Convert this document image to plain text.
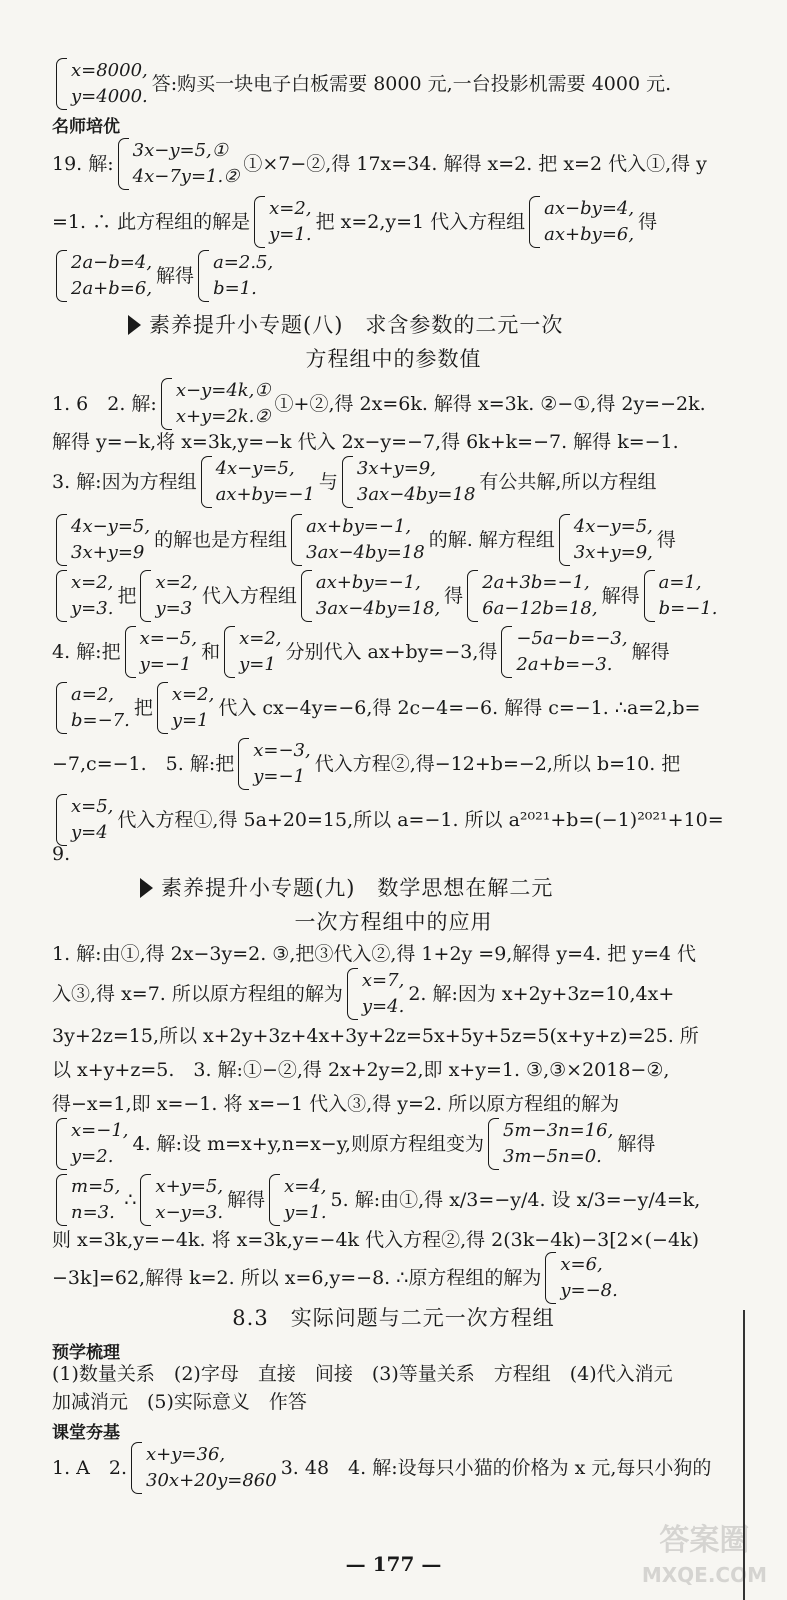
x=8000,
y=4000.
答:购买一块电子白板需要 8000 元,一台投影机需要 4000 元.
名师培优
19. 解:
3x−y=5,①
4x−7y=1.②
①×7−②,得 17x=34. 解得 x=2. 把 x=2 代入①,得 y
=1. ∴ 此方程组的解是
x=2,
y=1.
把 x=2,y=1 代入方程组
ax−by=4,
ax+by=6,
得
2a−b=4,
2a+b=6,
解得
a=2.5,
b=1.
素养提升小专题(八)　求含参数的二元一次
方程组中的参数值
1. 6　2. 解:
x−y=4k,①
x+y=2k.②
①+②,得 2x=6k. 解得 x=3k. ②−①,得 2y=−2k.
解得 y=−k,将 x=3k,y=−k 代入 2x−y=−7,得 6k+k=−7. 解得 k=−1.
3. 解:因为方程组
4x−y=5,
ax+by=−1
与
3x+y=9,
3ax−4by=18
有公共解,所以方程组
4x−y=5,
3x+y=9
的解也是方程组
ax+by=−1,
3ax−4by=18
的解. 解方程组
4x−y=5,
3x+y=9,
得
x=2,
y=3.
把
x=2,
y=3
代入方程组
ax+by=−1,
3ax−4by=18,
得
2a+3b=−1,
6a−12b=18,
解得
a=1,
b=−1.
4. 解:把
x=−5,
y=−1
和
x=2,
y=1
分别代入 ax+by=−3,得
−5a−b=−3,
2a+b=−3.
解得
a=2,
b=−7.
把
x=2,
y=1
代入 cx−4y=−6,得 2c−4=−6. 解得 c=−1. ∴a=2,b=
−7,c=−1.　5. 解:把
x=−3,
y=−1
代入方程②,得−12+b=−2,所以 b=10. 把
x=5,
y=4
代入方程①,得 5a+20=15,所以 a=−1. 所以 a²⁰²¹+b=(−1)²⁰²¹+10=
9.
素养提升小专题(九)　数学思想在解二元
一次方程组中的应用
1. 解:由①,得 2x−3y=2. ③,把③代入②,得 1+2y =9,解得 y=4. 把 y=4 代
入③,得 x=7. 所以原方程组的解为
x=7,
y=4.
2. 解:因为 x+2y+3z=10,4x+
3y+2z=15,所以 x+2y+3z+4x+3y+2z=5x+5y+5z=5(x+y+z)=25. 所
以 x+y+z=5.　3. 解:①−②,得 2x+2y=2,即 x+y=1. ③,③×2018−②,
得−x=1,即 x=−1. 将 x=−1 代入③,得 y=2. 所以原方程组的解为
x=−1,
y=2.
4. 解:设 m=x+y,n=x−y,则原方程组变为
5m−3n=16,
3m−5n=0.
解得
m=5,
n=3.
∴
x+y=5,
x−y=3.
解得
x=4,
y=1.
5. 解:由①,得 x/3=−y/4. 设 x/3=−y/4=k,
则 x=3k,y=−4k. 将 x=3k,y=−4k 代入方程②,得 2(3k−4k)−3[2×(−4k)
−3k]=62,解得 k=2. 所以 x=6,y=−8. ∴原方程组的解为
x=6,
y=−8.
8.3　实际问题与二元一次方程组
预学梳理
(1)数量关系　(2)字母　直接　间接　(3)等量关系　方程组　(4)代入消元
加减消元　(5)实际意义　作答
课堂夯基
1. A　2.
x+y=36,
30x+20y=860
3. 48　4. 解:设每只小猫的价格为 x 元,每只小狗的
— 177 —
答案圈
MXQE.COM
